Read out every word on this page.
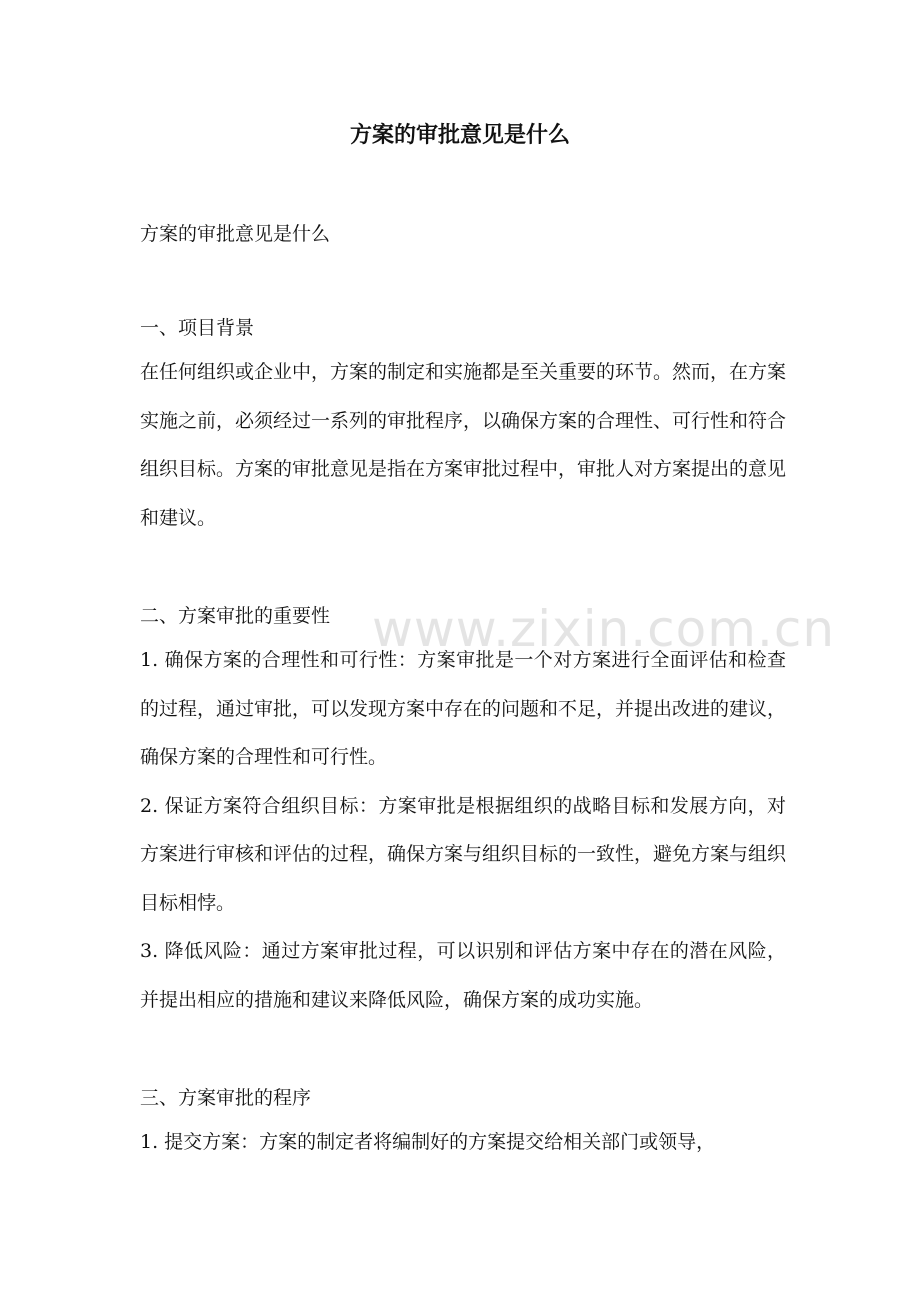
方案的审批意见是什么

方案的审批意见是什么

一、项目背景

在任何组织或企业中，方案的制定和实施都是至关重要的环节。然而，在方案实施之前，必须经过一系列的审批程序，以确保方案的合理性、可行性和符合组织目标。方案的审批意见是指在方案审批过程中，审批人对方案提出的意见和建议。

二、方案审批的重要性

1. 确保方案的合理性和可行性：方案审批是一个对方案进行全面评估和检查的过程，通过审批，可以发现方案中存在的问题和不足，并提出改进的建议，确保方案的合理性和可行性。

2. 保证方案符合组织目标：方案审批是根据组织的战略目标和发展方向，对方案进行审核和评估的过程，确保方案与组织目标的一致性，避免方案与组织目标相悖。

3. 降低风险：通过方案审批过程，可以识别和评估方案中存在的潜在风险，并提出相应的措施和建议来降低风险，确保方案的成功实施。

三、方案审批的程序

1. 提交方案：方案的制定者将编制好的方案提交给相关部门或领导，

www.zixin.com.cn
